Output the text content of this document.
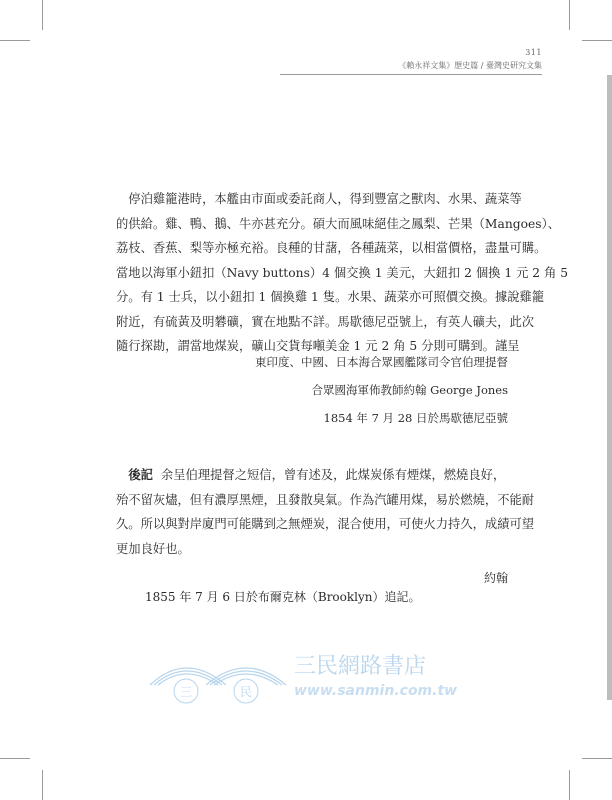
311
《賴永祥文集》歷史篇 / 臺灣史研究文集

　停泊雞籠港時，本艦由市面或委託商人，得到豐富之獸肉、水果、蔬菜等
的供給。雞、鴨、鵝、牛亦甚充分。碩大而風味絕佳之鳳梨、芒果（Mangoes）、
荔枝、香蕉、梨等亦極充裕。良種的甘藷，各種蔬菜，以相當價格，盡量可購。
當地以海軍小鈕扣（Navy buttons）4 個交換 1 美元，大鈕扣 2 個換 1 元 2 角 5
分。有 1 士兵，以小鈕扣 1 個換雞 1 隻。水果、蔬菜亦可照價交換。據說雞籠
附近，有硫黃及明礬礦，實在地點不詳。馬歇德尼亞號上，有英人礦夫，此次
隨行探勘，謂當地煤炭，礦山交貨每噸美金 1 元 2 角 5 分則可購到。謹呈

東印度、中國、日本海合眾國艦隊司令官伯理提督
合眾國海軍佈教師約翰 George Jones
1854 年 7 月 28 日於馬歇德尼亞號

　後記 余呈伯理提督之短信，曾有述及，此煤炭係有煙煤，燃燒良好，
殆不留灰燼，但有濃厚黑煙，且發散臭氣。作為汽罐用煤，易於燃燒，不能耐
久。所以與對岸廈門可能購到之無煙炭，混合使用，可使火力持久，成績可望
更加良好也。

約翰
1855 年 7 月 6 日於布爾克林（Brooklyn）追記。
三	民
三民網路書店
www.sanmin.com.tw
